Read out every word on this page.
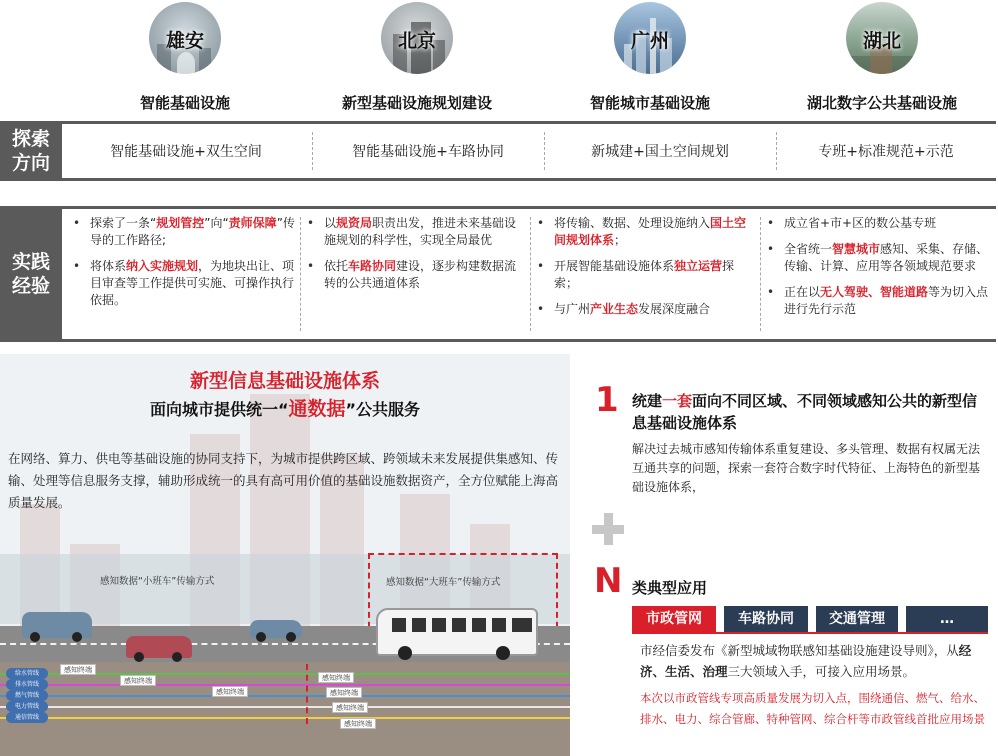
雄安
智能基础设施
北京
新型基础设施规划建设
广州
智能城市基础设施
湖北
湖北数字公共基础设施
探索
方向	智能基础设施+双生空间	智能基础设施+车路协同	新城建+国土空间规划	专班+标准规范+示范
实践
经验
• 探索了一条“规划管控”向“责师保障”传导的工作路径;
• 将体系纳入实施规划，为地块出让、项目审查等工作提供可实施、可操作执行依据。
• 以规资局职责出发，推进未来基础设施规划的科学性，实现全局最优
• 依托车路协同建设，逐步构建数据流转的公共通道体系
• 将传输、数据、处理设施纳入国土空间规划体系；
• 开展智能基础设施体系独立运营探索；
• 与广州产业生态发展深度融合
• 成立省+市+区的数公基专班
• 全省统一智慧城市感知、采集、存储、传输、计算、应用等各领域规范要求
• 正在以无人驾驶、智能道路等为切入点进行先行示范
新型信息基础设施体系
面向城市提供统一“通数据”公共服务
在网络、算力、供电等基础设施的协同支持下，为城市提供跨区域、跨领域未来发展提供集感知、传输、处理等信息服务支撑，辅助形成统一的具有高可用价值的基础设施数据资产，全方位赋能上海高质量发展。
感知数据“小班车”传输方式	感知数据“大班车”传输方式
给水管线
排水管线
燃气管线
电力管线
通信管线
感知终端
感知终端
感知终端
感知终端
感知终端
感知终端
感知终端
1 统建一套面向不同区域、不同领域感知公共的新型信息基础设施体系
解决过去城市感知传输体系重复建设、多头管理、数据有权属无法互通共享的问题，探索一套符合数字时代特征、上海特色的新型基础设施体系，
N 类典型应用
市政管网	车路协同	交通管理	…
市经信委发布《新型城域物联感知基础设施建设导则》，从经济、生活、治理三大领域入手，可接入应用场景。
本次以市政管线专项高质量发展为切入点，围绕通信、燃气、给水、排水、电力、综合管廊、特种管网、综合杆等市政管线首批应用场景
